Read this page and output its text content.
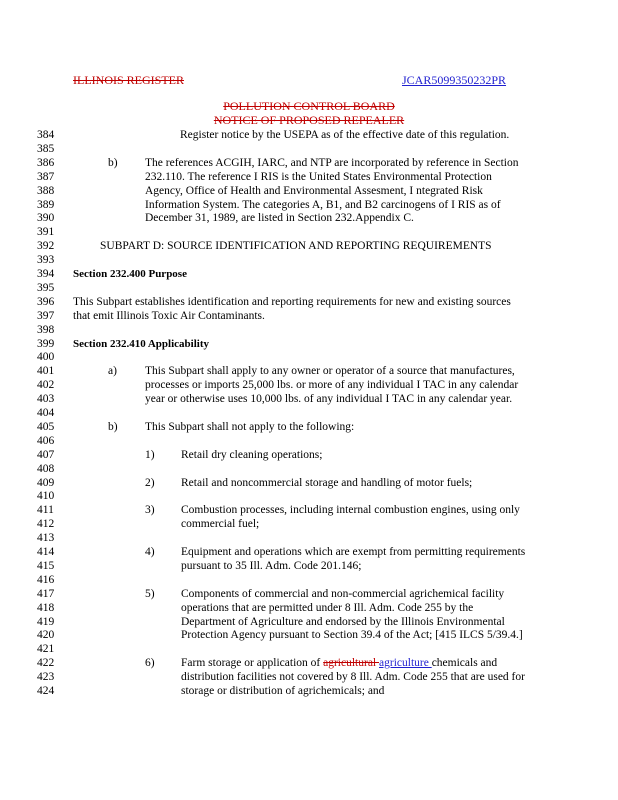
ILLINOIS REGISTER	JCAR5099350232PR
POLLUTION CONTROL BOARD
NOTICE OF PROPOSED REPEALER
384	Register notice by the USEPA as of the effective date of this regulation.
385
386	b) The references ACGIH, IARC, and NTP are incorporated by reference in Section
387	232.110. The reference I RIS is the United States Environmental Protection
388	Agency, Office of Health and Environmental Assesment, I ntegrated Risk
389	Information System. The categories A, B1, and B2 carcinogens of I RIS as of
390	December 31, 1989, are listed in Section 232.Appendix C.
391
392	SUBPART D: SOURCE IDENTIFICATION AND REPORTING REQUIREMENTS
393
394 Section 232.400 Purpose
395
396 This Subpart establishes identification and reporting requirements for new and existing sources
397 that emit Illinois Toxic Air Contaminants.
398
399 Section 232.410 Applicability
400
401	a) This Subpart shall apply to any owner or operator of a source that manufactures,
402	processes or imports 25,000 lbs. or more of any individual I TAC in any calendar
403	year or otherwise uses 10,000 lbs. of any individual I TAC in any calendar year.
404
405	b) This Subpart shall not apply to the following:
406
407	1) Retail dry cleaning operations;
408
409	2) Retail and noncommercial storage and handling of motor fuels;
410
411	3) Combustion processes, including internal combustion engines, using only
412	commercial fuel;
413
414	4) Equipment and operations which are exempt from permitting requirements
415	pursuant to 35 Ill. Adm. Code 201.146;
416
417	5) Components of commercial and non-commercial agrichemical facility
418	operations that are permitted under 8 Ill. Adm. Code 255 by the
419	Department of Agriculture and endorsed by the Illinois Environmental
420	Protection Agency pursuant to Section 39.4 of the Act; [415 ILCS 5/39.4.]
421
422	6) Farm storage or application of agricultural agriculture chemicals and
423	distribution facilities not covered by 8 Ill. Adm. Code 255 that are used for
424	storage or distribution of agrichemicals; and
